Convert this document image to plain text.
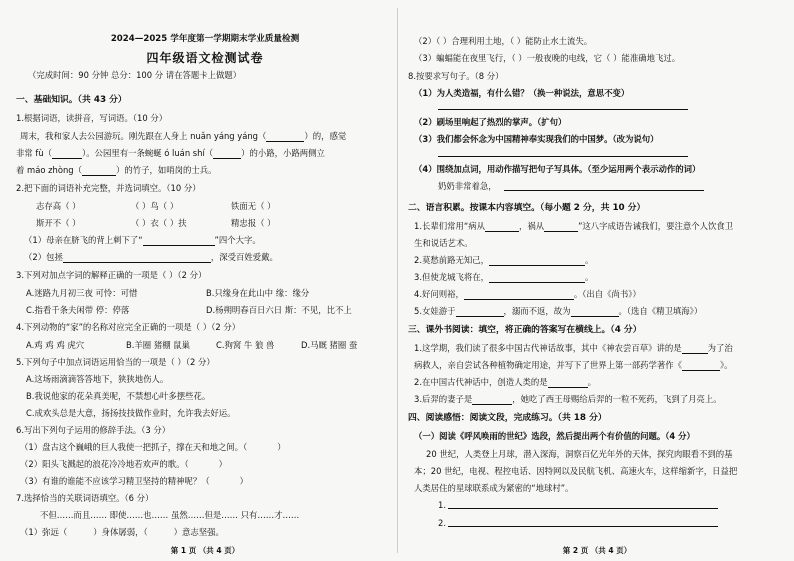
2024—2025 学年度第一学期期末学业质量检测
四年级语文检测试卷
（完成时间：90 分钟 总分：100 分 请在答题卡上做题）
一、基础知识。（共 43 分）
1.根据词语，读拼音，写词语。（10 分）
周末，我和家人去公园游玩。刚先跟在人身上 nuǎn yáng yáng（	）的，感觉
非常 fù（	）。公园里有一条蜿蜒 ó luán shí（	）的小路，小路两侧立
着 máo zhòng（	）的竹子，如哨岗的士兵。
2.把下面的词语补充完整，并选词填空。（10 分）
志存高（ ）	（ ）鸟（ ）	铁面无（ ）
斯开不（ ）	（ ）衣（ ）扶	精忠报（ ）
（1）母亲在脐飞的背上刺下了“	”四个大字。
（2）包拯	，深受百姓爱戴。
3.下列对加点字词的解释正确的一项是（ ）（2 分）
A.迷路九月初三夜 可怜：可惜	B.只缘身在此山中 缘：缘分
C.指看千条夫闲带 停：停落	D.杨朔明春百日六日 斯：不见，比不上
4.下列动物的“家”的名称对应完全正确的一项是（ ）（2 分）
A.鸡 鸡 鸡 虎穴	B.羊圈 猪棚 鼠巢	C.狗窝 牛 狼 兽	D.马厩 猪圈 蚕
5.下列句子中加点词语运用恰当的一项是（ ）（2 分）
A.这场雨滴滴答答地下，狭狭地伤人。
B.我说他家的花朵真美呢，不禁想心叶多摆些花。
C.成欢头总是大意，扬扬技技做作业时，允许我去好运。
6.写出下列句子运用的修辞手法。（3 分）
（1）盘古这个巍峨的巨人我使一把抓子，撑在天和地之间。（	）
（2）阳头飞溅起的浪花冷冷地若欢声的歌。（	）
（3）有谁的谁能不应该学习精卫坚持的精神呢？（	）
7.选择恰当的关联词语填空。（6 分）
不但……而且…… 即使……也…… 虽然……但是…… 只有……才……
（1）弥远（	）身体孱弱，（	）意志坚强。
第 1 页 （共 4 页）
（2）（ ）合理利用土地，（ ）能防止水土流失。
（3）蝙蝠能在夜里飞行，（ ）一般夜晚的电线，它（ ）能准确地飞过。
8.按要求写句子。（8 分）
（1）为人类造福，有什么错？（换一种说法，意思不变）
（2）刷场里响起了热烈的掌声。（扩句）
（3）我们都会怀念为中国精神奉实现我们的中国梦。（改为说句）
（4）围绕加点词，用动作描写把句子写具体。（至少运用两个表示动作的词）
奶奶非常着急，
二、语言积累。按课本内容填空。（每小题 2 分，共 10 分）
1.长辈们常用“病从	，祸从	”这八字成语告诫我们，要注意个人饮食卫
生和说话艺术。
2.莫愁前路无知己，	。
3.但使龙城飞将在，	。
4.好问则裕，	。（出自《尚书》）
5.女娃游于	，溺而不返，故为	。（选自《精卫填海》）
三、课外书阅读：填空，将正确的答案写在横线上。（4 分）
1.这学期，我们读了很多中国古代神话故事，其中《神农尝百草》讲的是	为了治
病救人，亲自尝试各种植物确定用途，并写下了世界上第一部药学著作《	》。
2.在中国古代神话中，创造人类的是	。
3.后羿的妻子是	，她吃了西王母赐给后羿的一粒不死药，飞到了月亮上。
四、阅读感悟：阅读文段，完成练习。（共 18 分）
（一）阅读《呼风唤雨的世纪》选段，然后提出两个有价值的问题。（4 分）
20 世纪，人类登上月球，潜入深海，洞察百亿光年外的天体，探究肉眼看不到的基
本；20 世纪，电视、程控电话、因特网以及民航飞机、高速火车，这样缩新字，日益把
人类居住的星球联系成为紧密的“地球村”。
1.
2.
第 2 页 （共 4 页）
